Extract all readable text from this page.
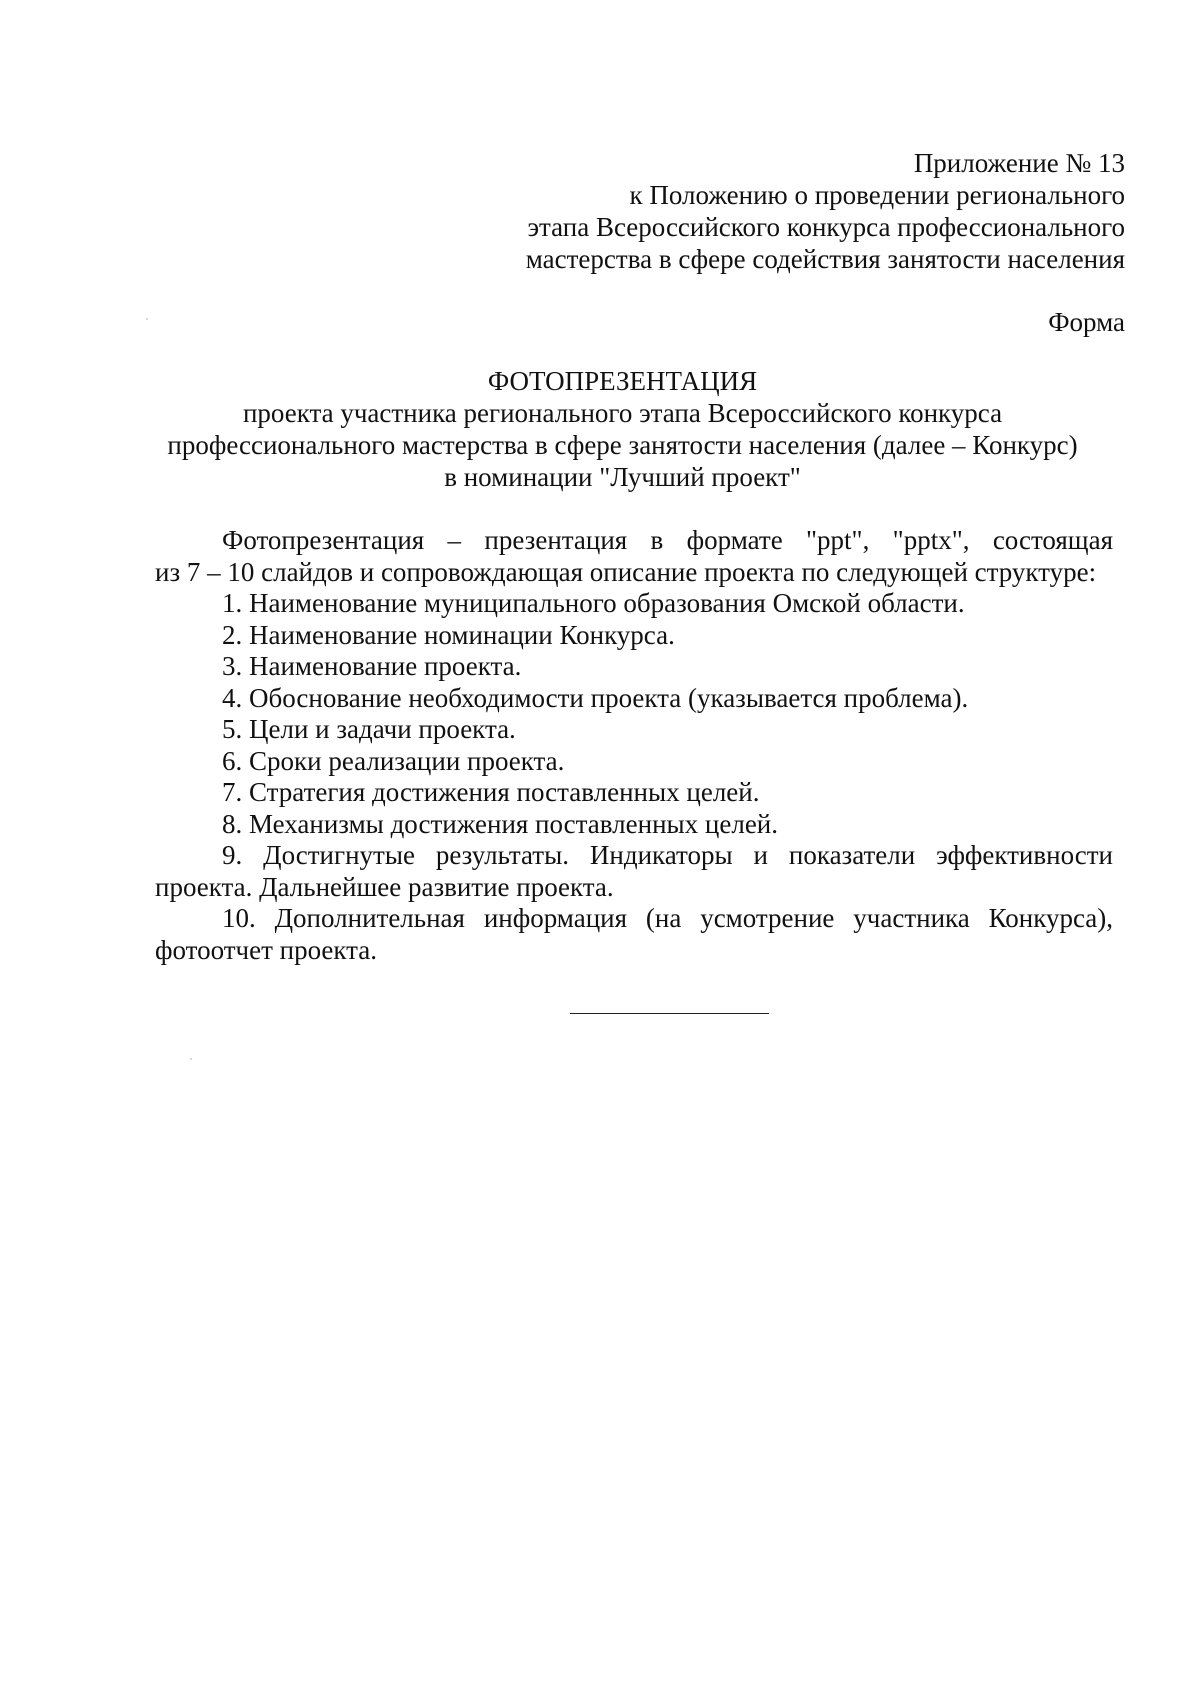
Приложение № 13
к Положению о проведении регионального
этапа Всероссийского конкурса профессионального
мастерства в сфере содействия занятости населения
Форма
ФОТОПРЕЗЕНТАЦИЯ
проекта участника регионального этапа Всероссийского конкурса
профессионального мастерства в сфере занятости населения (далее – Конкурс)
в номинации "Лучший проект"
Фотопрезентация – презентация в формате "ppt", "pptx", состоящая
из 7 – 10 слайдов и сопровождающая описание проекта по следующей структуре:
1. Наименование муниципального образования Омской области.
2. Наименование номинации Конкурса.
3. Наименование проекта.
4. Обоснование необходимости проекта (указывается проблема).
5. Цели и задачи проекта.
6. Сроки реализации проекта.
7. Стратегия достижения поставленных целей.
8. Механизмы достижения поставленных целей.
9. Достигнутые результаты. Индикаторы и показатели эффективности
проекта. Дальнейшее развитие проекта.
10. Дополнительная информация (на усмотрение участника Конкурса),
фотоотчет проекта.
